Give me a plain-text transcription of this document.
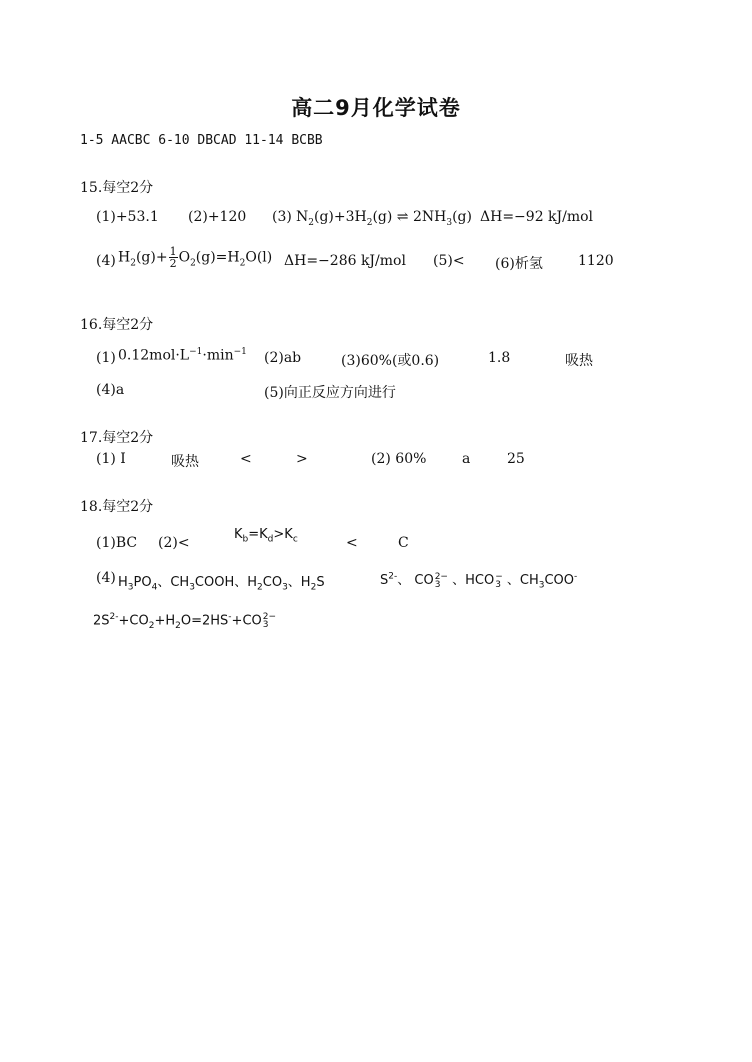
高二9月化学试卷
1-5 AACBC 6-10 DBCAD 11-14 BCBB
15.每空2分
(1)+53.1 (2)+120 (3) $N_2(g)+3H_2(g)$ ⇌ $2NH_3(g)$ ΔH=−92 kJ/mol
(4) $H_2(g)+ \frac{1}{2} O_2(g)=H_2O(l)$ ΔH=−286 kJ/mol (5)< (6)析氢	1120
16.每空2分
(1) $0.12mol\cdot L^{-1}\cdot\min^{-1}$ (2)ab	(3)60%(或0.6)	1.8	吸热
(4)a	(5)向正反应方向进行
17.每空2分
(1) I	吸热	<	>	(2) 60%	a	25
18.每空2分
(1)BC (2)<
$K_b=K_d>K_c$	<	C
(4) $H_3PO_4$、$CH_3COOH$、$H_2CO_3$、$H_2S$	$S^{2-}$、 CO 2−
3 、HCO −
3 、$CH_3COO^-$
$2S^{2-}+CO_2+H_2O=2HS^-+CO$ 2−
3
